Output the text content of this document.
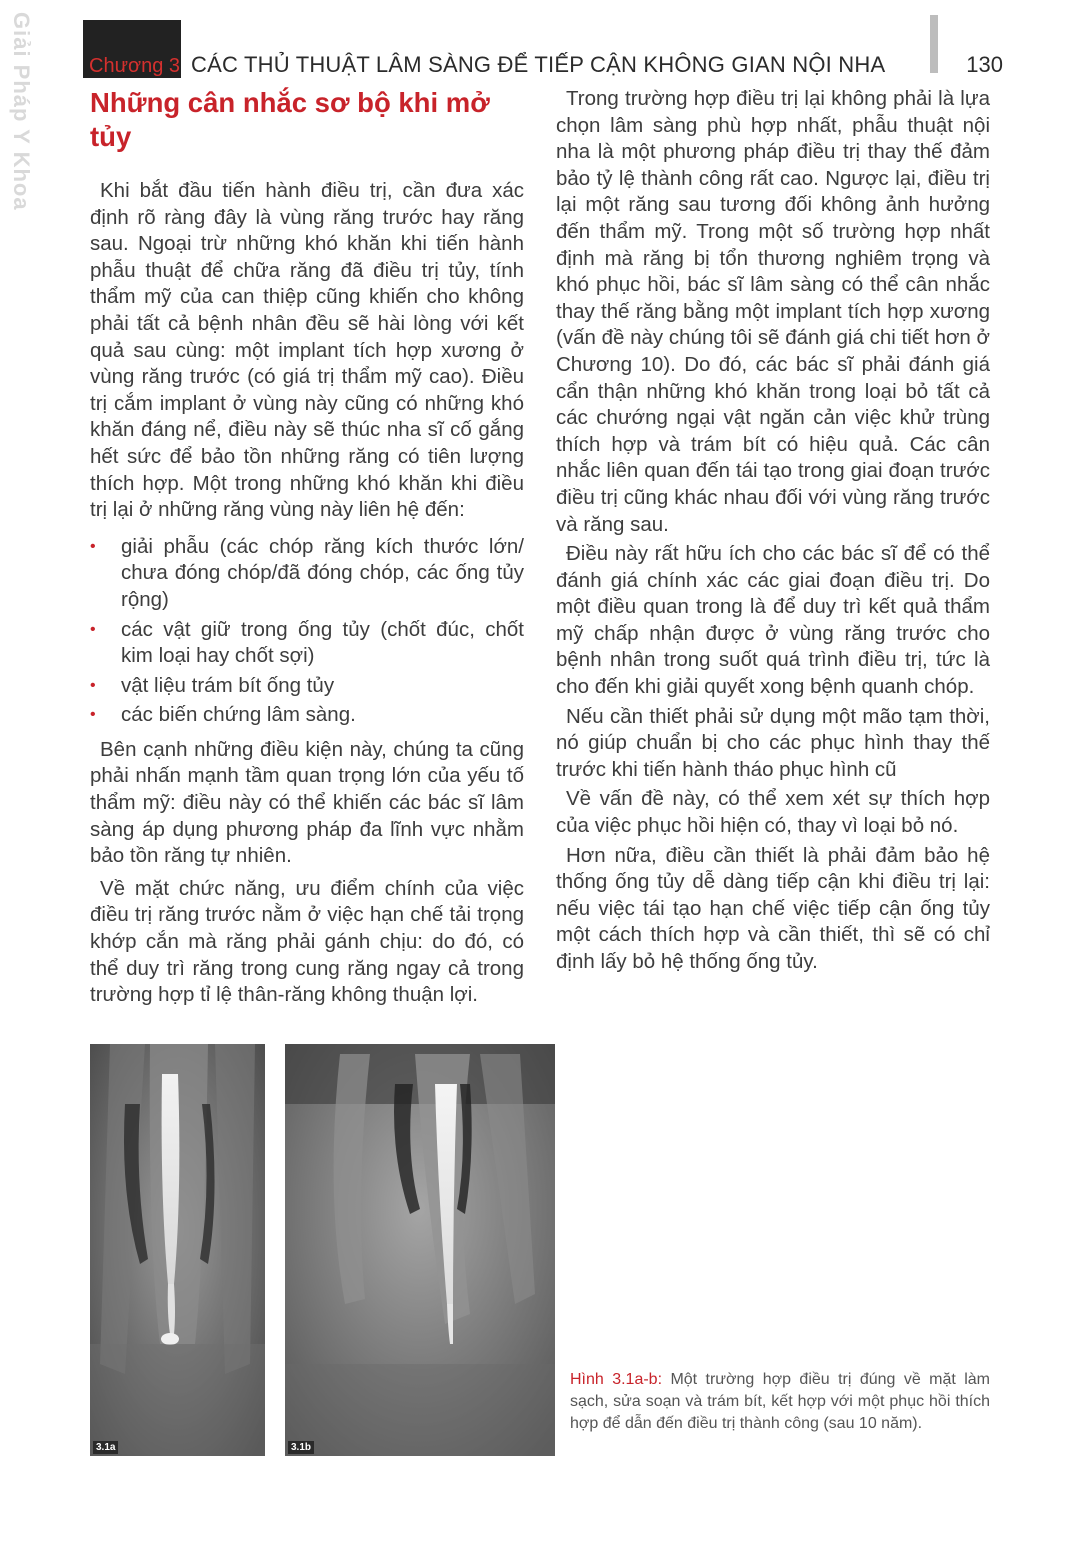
Giải Pháp Y Khoa	Chương 3 CÁC THỦ THUẬT LÂM SÀNG ĐỂ TIẾP CẬN KHÔNG GIAN NỘI NHA	130
Những cân nhắc sơ bộ khi mở tủy

Khi bắt đầu tiến hành điều trị, cần đưa xác định rõ ràng đây là vùng răng trước hay răng sau. Ngoại trừ những khó khăn khi tiến hành phẫu thuật để chữa răng đã điều trị tủy, tính thẩm mỹ của can thiệp cũng khiến cho không phải tất cả bệnh nhân đều sẽ hài lòng với kết quả sau cùng: một implant tích hợp xương ở vùng răng trước (có giá trị thẩm mỹ cao). Điều trị cắm implant ở vùng này cũng có những khó khăn đáng nể, điều này sẽ thúc nha sĩ cố gắng hết sức để bảo tồn những răng có tiên lượng thích hợp. Một trong những khó khăn khi điều trị lại ở những răng vùng này liên hệ đến:

• giải phẫu (các chóp răng kích thước lớn/ chưa đóng chóp/đã đóng chóp, các ống tủy rộng)
• các vật giữ trong ống tủy (chốt đúc, chốt kim loại hay chốt sợi)
• vật liệu trám bít ống tủy
• các biến chứng lâm sàng.

Bên cạnh những điều kiện này, chúng ta cũng phải nhấn mạnh tầm quan trọng lớn của yếu tố thẩm mỹ: điều này có thể khiến các bác sĩ lâm sàng áp dụng phương pháp đa lĩnh vực nhằm bảo tồn răng tự nhiên.

Về mặt chức năng, ưu điểm chính của việc điều trị răng trước nằm ở việc hạn chế tải trọng khớp cắn mà răng phải gánh chịu: do đó, có thể duy trì răng trong cung răng ngay cả trong trường hợp tỉ lệ thân-răng không thuận lợi.

Trong trường hợp điều trị lại không phải là lựa chọn lâm sàng phù hợp nhất, phẫu thuật nội nha là một phương pháp điều trị thay thế đảm bảo tỷ lệ thành công rất cao. Ngược lại, điều trị lại một răng sau tương đối không ảnh hưởng đến thẩm mỹ. Trong một số trường hợp nhất định mà răng bị tổn thương nghiêm trọng và khó phục hồi, bác sĩ lâm sàng có thể cân nhắc thay thế răng bằng một implant tích hợp xương (vấn đề này chúng tôi sẽ đánh giá chi tiết hơn ở Chương 10). Do đó, các bác sĩ phải đánh giá cẩn thận những khó khăn trong loại bỏ tất cả các chướng ngại vật ngăn cản việc khử trùng thích hợp và trám bít có hiệu quả. Các cân nhắc liên quan đến tái tạo trong giai đoạn trước điều trị cũng khác nhau đối với vùng răng trước và răng sau.

Điều này rất hữu ích cho các bác sĩ để có thể đánh giá chính xác các giai đoạn điều trị. Do một điều quan trong là để duy trì kết quả thẩm mỹ chấp nhận được ở vùng răng trước cho bệnh nhân trong suốt quá trình điều trị, tức là cho đến khi giải quyết xong bệnh quanh chóp.

Nếu cần thiết phải sử dụng một mão tạm thời, nó giúp chuẩn bị cho các phục hình thay thế trước khi tiến hành tháo phục hình cũ

Về vấn đề này, có thể xem xét sự thích hợp của việc phục hồi hiện có, thay vì loại bỏ nó.

Hơn nữa, điều cần thiết là phải đảm bảo hệ thống ống tủy dễ dàng tiếp cận khi điều trị lại: nếu việc tái tạo hạn chế việc tiếp cận ống tủy một cách thích hợp và cần thiết, thì sẽ có chỉ định lấy bỏ hệ thống ống tủy.

3.1a	3.1b
Hình 3.1a-b: Một trường hợp điều trị đúng về mặt làm sạch, sửa soạn và trám bít, kết hợp với một phục hồi thích hợp để dẫn đến điều trị thành công (sau 10 năm).
